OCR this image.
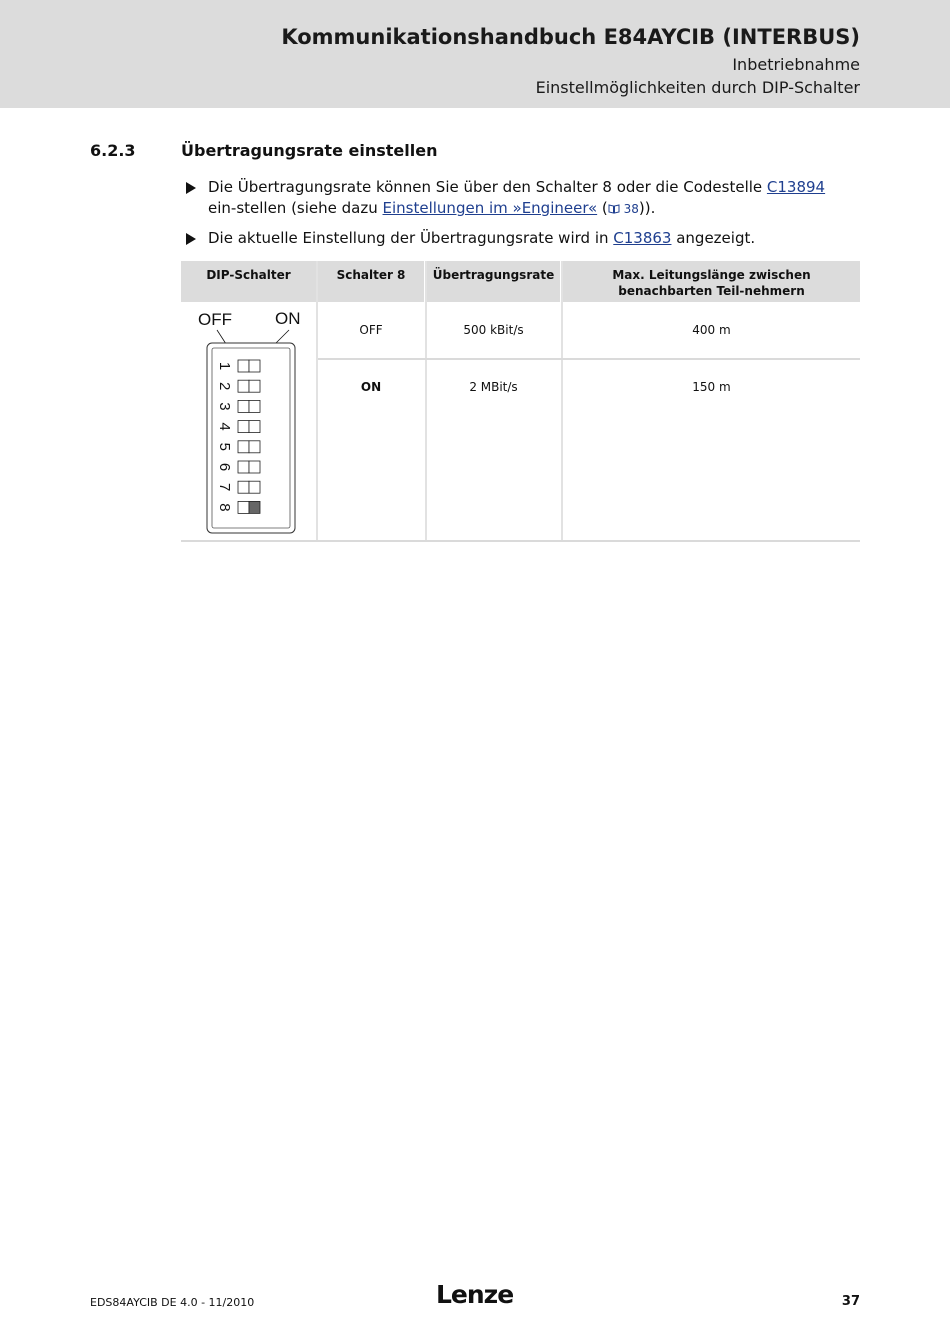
Kommunikationshandbuch E84AYCIB (INTERBUS)
Inbetriebnahme
Einstellmöglichkeiten durch DIP-Schalter
6.2.3	Übertragungsrate einstellen
Die Übertragungsrate können Sie über den Schalter 8 oder die Codestelle C13894 ein-stellen (siehe dazu Einstellungen im »Engineer« ( 38)).
Die aktuelle Einstellung der Übertragungsrate wird in C13863 angezeigt.
DIP-Schalter	Schalter 8	Übertragungsrate	Max. Leitungslänge zwischen benachbarten Teil-nehmern
OFF	500 kBit/s	400 m
ON	2 MBit/s	150 m
OFF	ON
1
2
3
4
5
6
7
8
EDS84AYCIB DE 4.0 - 11/2010	Lenze	37
